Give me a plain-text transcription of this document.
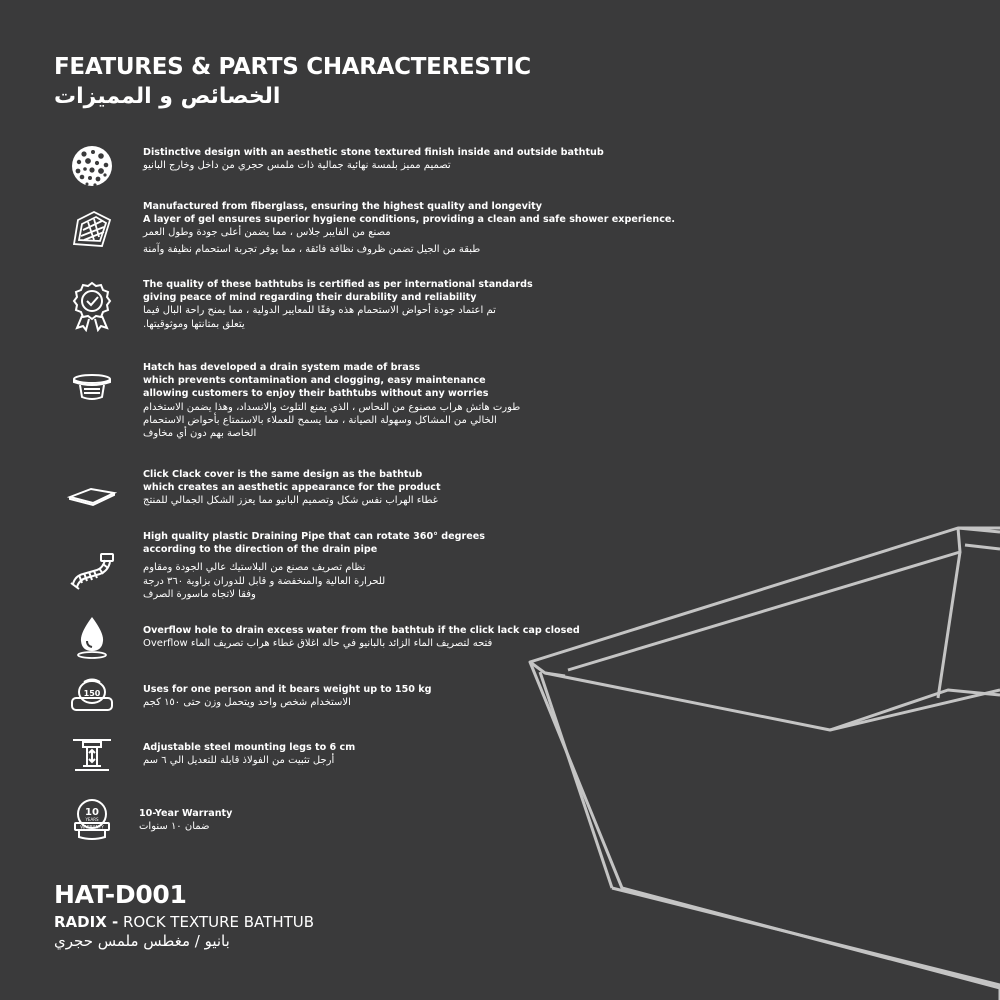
FEATURES & PARTS CHARACTERESTIC
الخصائص و المميزات
Distinctive design with an aesthetic stone textured finish inside and outside bathtub
تصميم مميز بلمسة نهائية جمالية ذات ملمس حجري من داخل وخارج البانيو
Manufactured from fiberglass, ensuring the highest quality and longevity
A layer of gel ensures superior hygiene conditions, providing a clean and safe shower experience.
مصنع من الفايبر جلاس ، مما يضمن أعلى جودة وطول العمر
طبقة من الجيل تضمن ظروف نظافة فائقة ، مما يوفر تجربة استحمام نظيفة وآمنة
The quality of these bathtubs is certified as per international standards
giving peace of mind regarding their durability and reliability
تم اعتماد جودة أحواض الاستحمام هذه وفقًا للمعايير الدولية ، مما يمنح راحة البال فيما
يتعلق بمتانتها وموثوقيتها.
Hatch has developed a drain system made of brass
which prevents contamination and clogging, easy maintenance
allowing customers to enjoy their bathtubs without any worries
طورت هاتش هراب مصنوع من النحاس ، الذي يمنع التلوث والانسداد، وهذا يضمن الاستخدام
الخالي من المشاكل وسهولة الصيانة ، مما يسمح للعملاء بالاستمتاع بأحواض الاستحمام
الخاصة بهم دون أي مخاوف
Click Clack cover is the same design as the bathtub
which creates an aesthetic appearance for the product
غطاء الهراب نفس شكل وتصميم البانيو مما يعزز الشكل الجمالي للمنتج
High quality plastic Draining Pipe that can rotate 360° degrees
according to the direction of the drain pipe
نظام تصريف مصنع من البلاستيك عالي الجودة ومقاوم
للحرارة العالية والمنخفضة و قابل للدوران بزاوية ٣٦٠ درجة
وفقا لاتجاه ماسورة الصرف
Overflow hole to drain excess water from the bathtub if the click lack cap closed
Overflow فتحه لتصريف الماء الزائد بالبانيو في حاله اغلاق غطاء هراب تصريف الماء
150	Uses for one person and it bears weight up to 150 kg
الاستخدام شخص واحد ويتحمل وزن حتى ١٥٠ كجم
Adjustable steel mounting legs to 6 cm
أرجل تثبيت من الفولاذ قابلة للتعديل الي ٦ سم
10
YEARS
WARRANTY
10-Year Warranty
ضمان ١٠ سنوات
HAT-D001
RADIX - ROCK TEXTURE BATHTUB
بانيو / مغطس ملمس حجري
